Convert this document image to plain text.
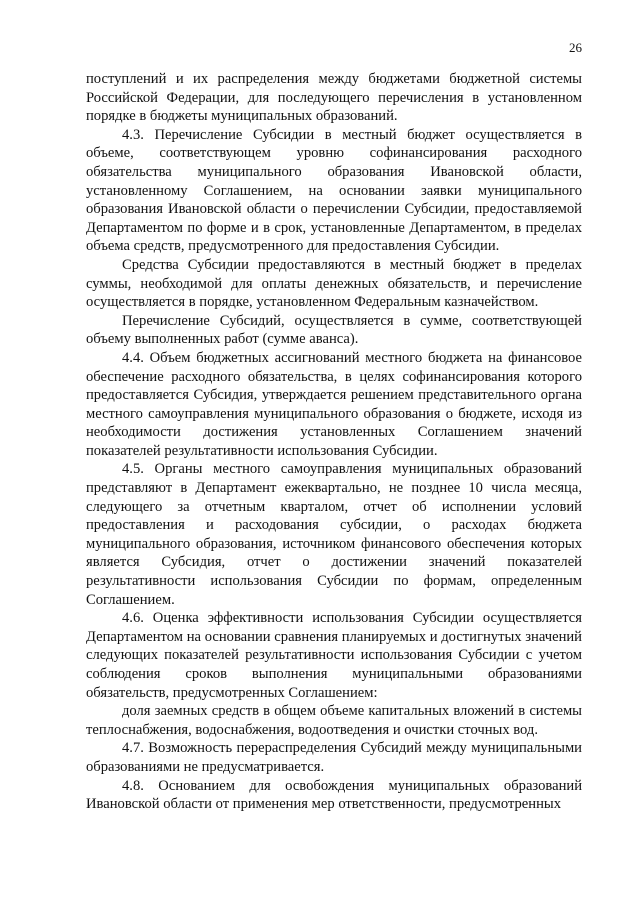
26

поступлений и их распределения между бюджетами бюджетной системы Российской Федерации, для последующего перечисления в установленном порядке в бюджеты муниципальных образований.

4.3. Перечисление Субсидии в местный бюджет осуществляется в объеме, соответствующем уровню софинансирования расходного обязательства муниципального образования Ивановской области, установленному Соглашением, на основании заявки муниципального образования Ивановской области о перечислении Субсидии, предоставляемой Департаментом по форме и в срок, установленные Департаментом, в пределах объема средств, предусмотренного для предоставления Субсидии.

Средства Субсидии предоставляются в местный бюджет в пределах суммы, необходимой для оплаты денежных обязательств, и перечисление осуществляется в порядке, установленном Федеральным казначейством.

Перечисление Субсидий, осуществляется в сумме, соответствующей объему выполненных работ (сумме аванса).

4.4. Объем бюджетных ассигнований местного бюджета на финансовое обеспечение расходного обязательства, в целях софинансирования которого предоставляется Субсидия, утверждается решением представительного органа местного самоуправления муниципального образования о бюджете, исходя из необходимости достижения установленных Соглашением значений показателей результативности использования Субсидии.

4.5. Органы местного самоуправления муниципальных образований представляют в Департамент ежеквартально, не позднее 10 числа месяца, следующего за отчетным кварталом, отчет об исполнении условий предоставления и расходования субсидии, о расходах бюджета муниципального образования, источником финансового обеспечения которых является Субсидия, отчет о достижении значений показателей результативности использования Субсидии по формам, определенным Соглашением.

4.6. Оценка эффективности использования Субсидии осуществляется Департаментом на основании сравнения планируемых и достигнутых значений следующих показателей результативности использования Субсидии с учетом соблюдения сроков выполнения муниципальными образованиями обязательств, предусмотренных Соглашением:

доля заемных средств в общем объеме капитальных вложений в системы теплоснабжения, водоснабжения, водоотведения и очистки сточных вод.

4.7. Возможность перераспределения Субсидий между муниципальными образованиями не предусматривается.

4.8. Основанием для освобождения муниципальных образований Ивановской области от применения мер ответственности, предусмотренных
